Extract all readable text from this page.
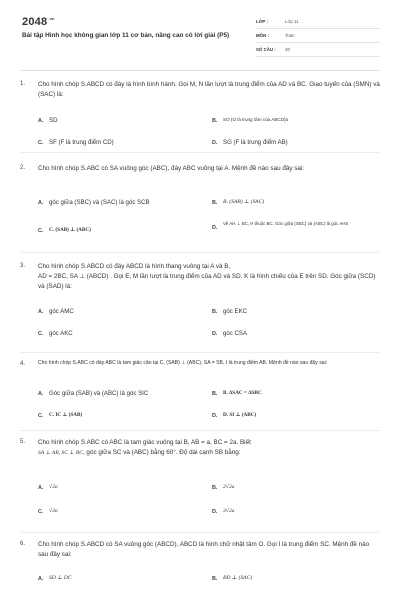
$2048^{.vn}$
Bài tập Hình học không gian lớp 11 cơ bản, nâng cao có lời giải (P5)
LỚP :	Lớp 11
MÔN :	Toán
SỐ CÂU :	30
1.	Cho hình chóp S.ABCD có đáy là hình bình hành. Gọi M, N lần lượt là trung điểm của AD và BC. Giao tuyến của (SMN) và (SAC) là:
A. SD	B.	SO (O là trung tâm của ABCD)a
C. SF (F là trung điểm CD)	D. SG (F là trung điểm AB)
2.	Cho hình chóp S.ABC có SA vuông góc (ABC), đáy ABC vuông tại A. Mệnh đề nào sau đây sai:
A. góc giữa (SBC) và (SAC) là góc SCB	B. B. (SAB) ⊥ (SAC)
C.	C. (SAB) ⊥ (ABC)	D.
Vẽ AH ⊥ BC, H thuộc BC. Góc giữa (SBC) và (ABC) là góc AHS
3.	Cho hình chóp S.ABCD có đáy ABCD là hình thang vuông tại A và B,
AD = 2BC, SA ⊥ (ABCD) . Gọi E, M lần lượt là trung điểm của AD và SD. K là hình chiếu của E trên SD. Góc giữa (SCD) và (SAD) là:
A. góc AMC	B. góc EKC
C. góc AKC	D. góc CSA
4.	Cho hình chóp S.ABC có đáy ABC là tam giác cân tại C, (SAB) ⊥ (ABC), SA = SB, I là trung điểm AB. Mệnh đề nào sau đây sai:
A. Góc giữa (SAB) và (ABC) là góc SIC	B.	B. ΔSAC = ΔSBC
C.	C. IC ⊥ (SAB)	D.	D. SI ⊥ (ABC)
5.	Cho hình chóp S.ABC có ABC là tam giác vuông tại B, AB = a, BC = 2a. Biết
SA ⊥ AB, SC ⊥ BC, góc giữa SC và (ABC) bằng 60°. Độ dài cạnh SB bằng:
A. √2a	B. 2√2a
C. √3a	D. 3√2a
6.	Cho hình chóp S.ABCD có SA vuông góc (ABCD), ABCD là hình chữ nhật tâm O. Gọi I là trung điểm SC. Mệnh đề nào sau đây sai:
A. SD ⊥ DC	B. BD ⊥ (SAC)
